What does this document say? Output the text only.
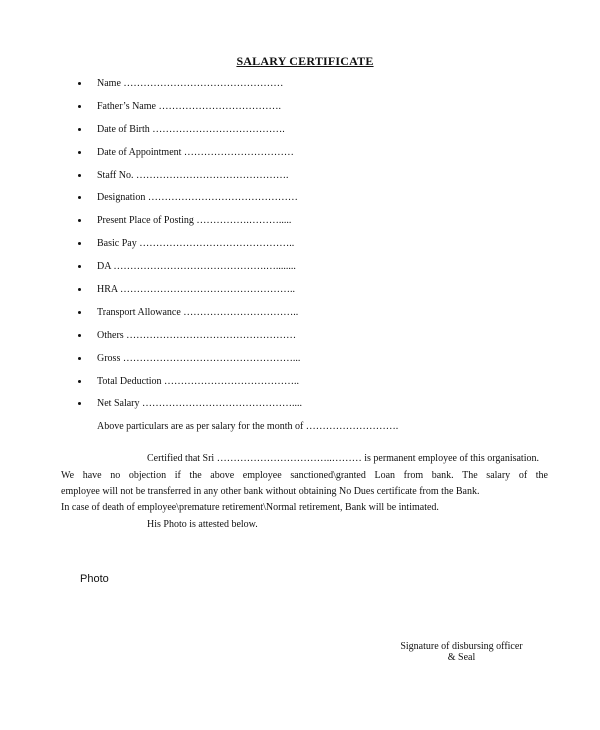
SALARY CERTIFICATE
Name …………………………………………
Father’s Name ……………………………….
Date of Birth ………………………………….
Date of Appointment ……………………………
Staff No. ……………………………………….
Designation ………………………………………
Present Place of Posting …………….……….....
Basic Pay ………………………………………..
DA ……………………………………….…........
HRA ……………………………………………..
Transport Allowance ……………………………..
Others ……………………………………………
Gross ……………………………………………...
Total Deduction …………………………………..
Net Salary ………………………………………....
Above particulars are as per salary for the month of ……………………….
Certified that Sri ……………………………..……… is permanent employee of this organisation.
We have no objection if the above employee sanctioned\granted Loan from bank. The salary of the
employee will not be transferred in any other bank without obtaining No Dues certificate from the Bank.
In case of death of employee\premature retirement\Normal retirement, Bank will be intimated.
His Photo is attested below.
Photo
Signature of disbursing officer
& Seal
